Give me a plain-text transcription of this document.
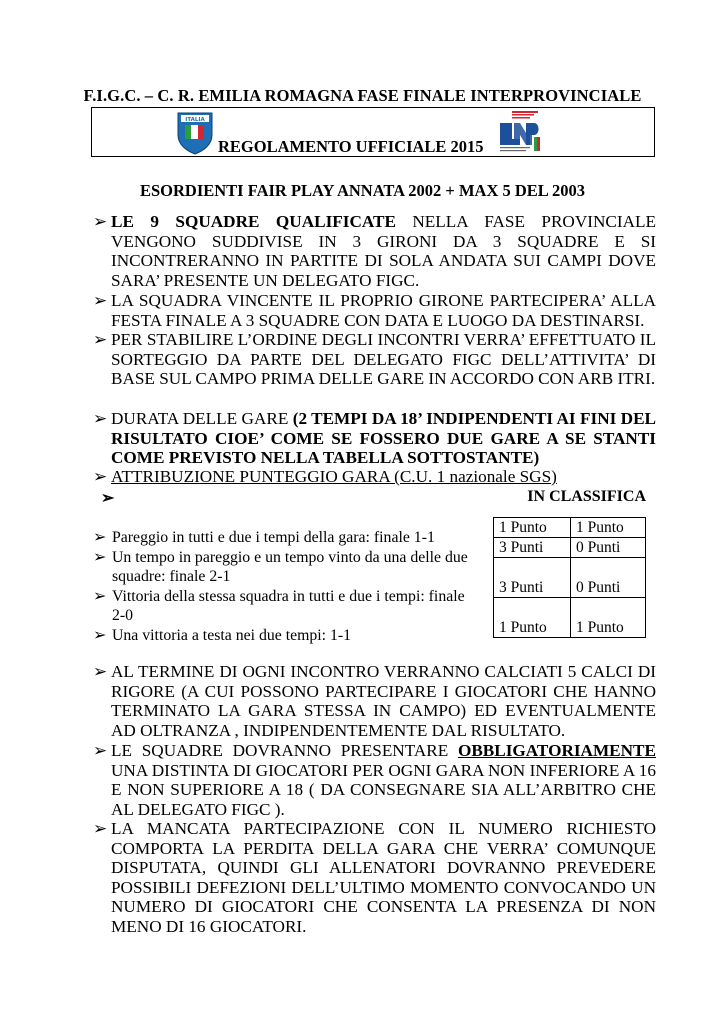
F.I.G.C. – C. R. EMILIA ROMAGNA FASE FINALE INTERPROVINCIALE
ITALIA
REGOLAMENTO UFFICIALE 2015
ESORDIENTI FAIR PLAY ANNATA 2002 + MAX 5 DEL 2003
➢ LE 9 SQUADRE QUALIFICATE NELLA FASE PROVINCIALE VENGONO SUDDIVISE IN 3 GIRONI DA 3 SQUADRE E SI INCONTRERANNO IN PARTITE DI SOLA ANDATA SUI CAMPI DOVE SARA’ PRESENTE UN DELEGATO FIGC.
➢ LA SQUADRA VINCENTE IL PROPRIO GIRONE PARTECIPERA’ ALLA FESTA FINALE A 3 SQUADRE CON DATA E LUOGO DA DESTINARSI.
➢ PER STABILIRE L’ORDINE DEGLI INCONTRI VERRA’ EFFETTUATO IL SORTEGGIO DA PARTE DEL DELEGATO FIGC DELL’ATTIVITA’ DI BASE SUL CAMPO PRIMA DELLE GARE IN ACCORDO CON ARB ITRI.
➢ DURATA DELLE GARE (2 TEMPI DA 18’ INDIPENDENTI AI FINI DEL RISULTATO CIOE’ COME SE FOSSERO DUE GARE A SE STANTI COME PREVISTO NELLA TABELLA SOTTOSTANTE)
➢ ATTRIBUZIONE PUNTEGGIO GARA (C.U. 1 nazionale SGS)
➢	IN CLASSIFICA
➢ Pareggio in tutti e due i tempi della gara: finale 1-1
➢ Un tempo in pareggio e un tempo vinto da una delle due squadre: finale 2-1
➢ Vittoria della stessa squadra in tutti e due i tempi: finale 2-0
➢ Una vittoria a testa nei due tempi: 1-1
1 Punto	1 Punto
3 Punti	0 Punti
3 Punti	0 Punti
1 Punto	1 Punto
➢ AL TERMINE DI OGNI INCONTRO VERRANNO CALCIATI 5 CALCI DI RIGORE (A CUI POSSONO PARTECIPARE I GIOCATORI CHE HANNO TERMINATO LA GARA STESSA IN CAMPO) ED EVENTUALMENTE AD OLTRANZA , INDIPENDENTEMENTE DAL RISULTATO.
➢ LE SQUADRE DOVRANNO PRESENTARE OBBLIGATORIAMENTE UNA DISTINTA DI GIOCATORI PER OGNI GARA NON INFERIORE A 16 E NON SUPERIORE A 18 ( DA CONSEGNARE SIA ALL’ARBITRO CHE AL DELEGATO FIGC ).
➢ LA MANCATA PARTECIPAZIONE CON IL NUMERO RICHIESTO COMPORTA LA PERDITA DELLA GARA CHE VERRA’ COMUNQUE DISPUTATA, QUINDI GLI ALLENATORI DOVRANNO PREVEDERE POSSIBILI DEFEZIONI DELL’ULTIMO MOMENTO CONVOCANDO UN NUMERO DI GIOCATORI CHE CONSENTA LA PRESENZA DI NON MENO DI 16 GIOCATORI.
